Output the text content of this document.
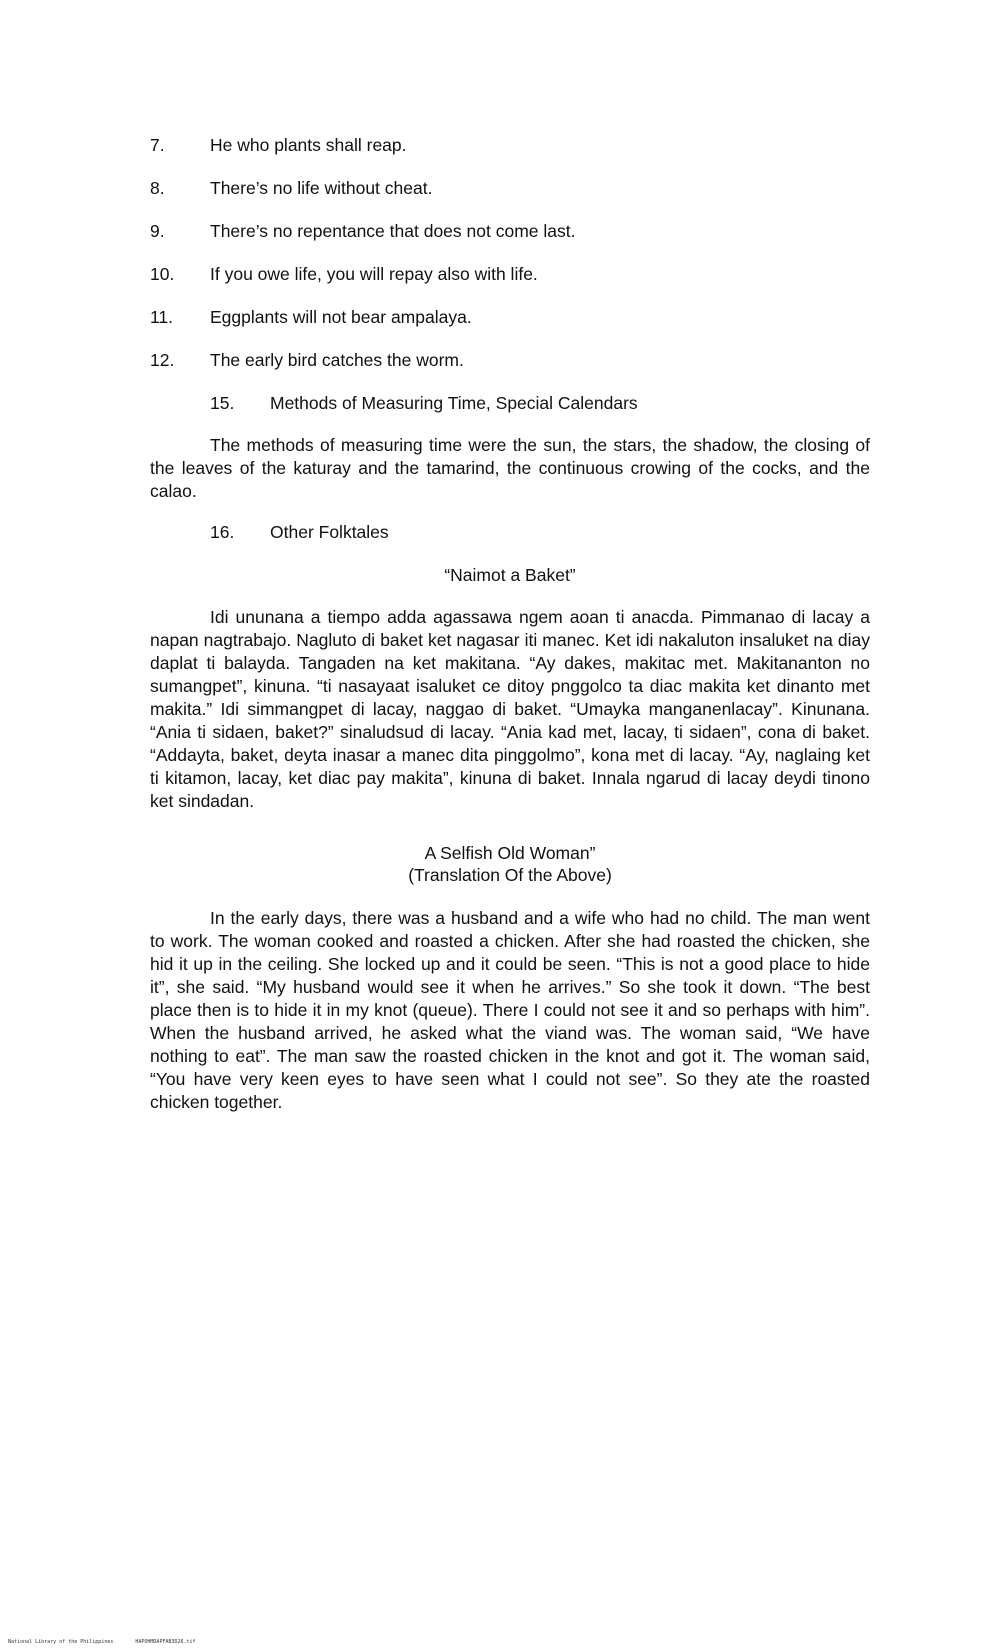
7.	He who plants shall reap.
8.	There’s no life without cheat.
9.	There’s no repentance that does not come last.
10. If you owe life, you will repay also with life.
11. Eggplants will not bear ampalaya.
12. The early bird catches the worm.
15. Methods of Measuring Time, Special Calendars

The methods of measuring time were the sun, the stars, the shadow, the closing of the leaves of the katuray and the tamarind, the continuous crowing of the cocks, and the calao.

16. Other Folktales
“Naimot a Baket”

Idi ununana a tiempo adda agassawa ngem aoan ti anacda. Pimmanao di lacay a napan nagtrabajo. Nagluto di baket ket nagasar iti manec. Ket idi nakaluton insaluket na diay daplat ti balayda. Tangaden na ket makitana. “Ay dakes, makitac met. Makitananton no sumangpet”, kinuna. “ti nasayaat isaluket ce ditoy pnggolco ta diac makita ket dinanto met makita.” Idi simmangpet di lacay, naggao di baket. “Umayka manganenlacay”. Kinunana. “Ania ti sidaen, baket?” sinaludsud di lacay. “Ania kad met, lacay, ti sidaen”, cona di baket. “Addayta, baket, deyta inasar a manec dita pinggolmo”, kona met di lacay. “Ay, naglaing ket ti kitamon, lacay, ket diac pay makita”, kinuna di baket. Innala ngarud di lacay deydi tinono ket sindadan.

A Selfish Old Woman”
(Translation Of the Above)

In the early days, there was a husband and a wife who had no child. The man went to work. The woman cooked and roasted a chicken. After she had roasted the chicken, she hid it up in the ceiling. She locked up and it could be seen. “This is not a good place to hide it”, she said. “My husband would see it when he arrives.” So she took it down. “The best place then is to hide it in my knot (queue). There I could not see it and so perhaps with him”. When the husband arrived, he asked what the viand was. The woman said, “We have nothing to eat”. The man saw the roasted chicken in the knot and got it. The woman said, “You have very keen eyes to have seen what I could not see”. So they ate the roasted chicken together.

National Library of the Philippines	HAPOHMDAPFAB3D26.tif
